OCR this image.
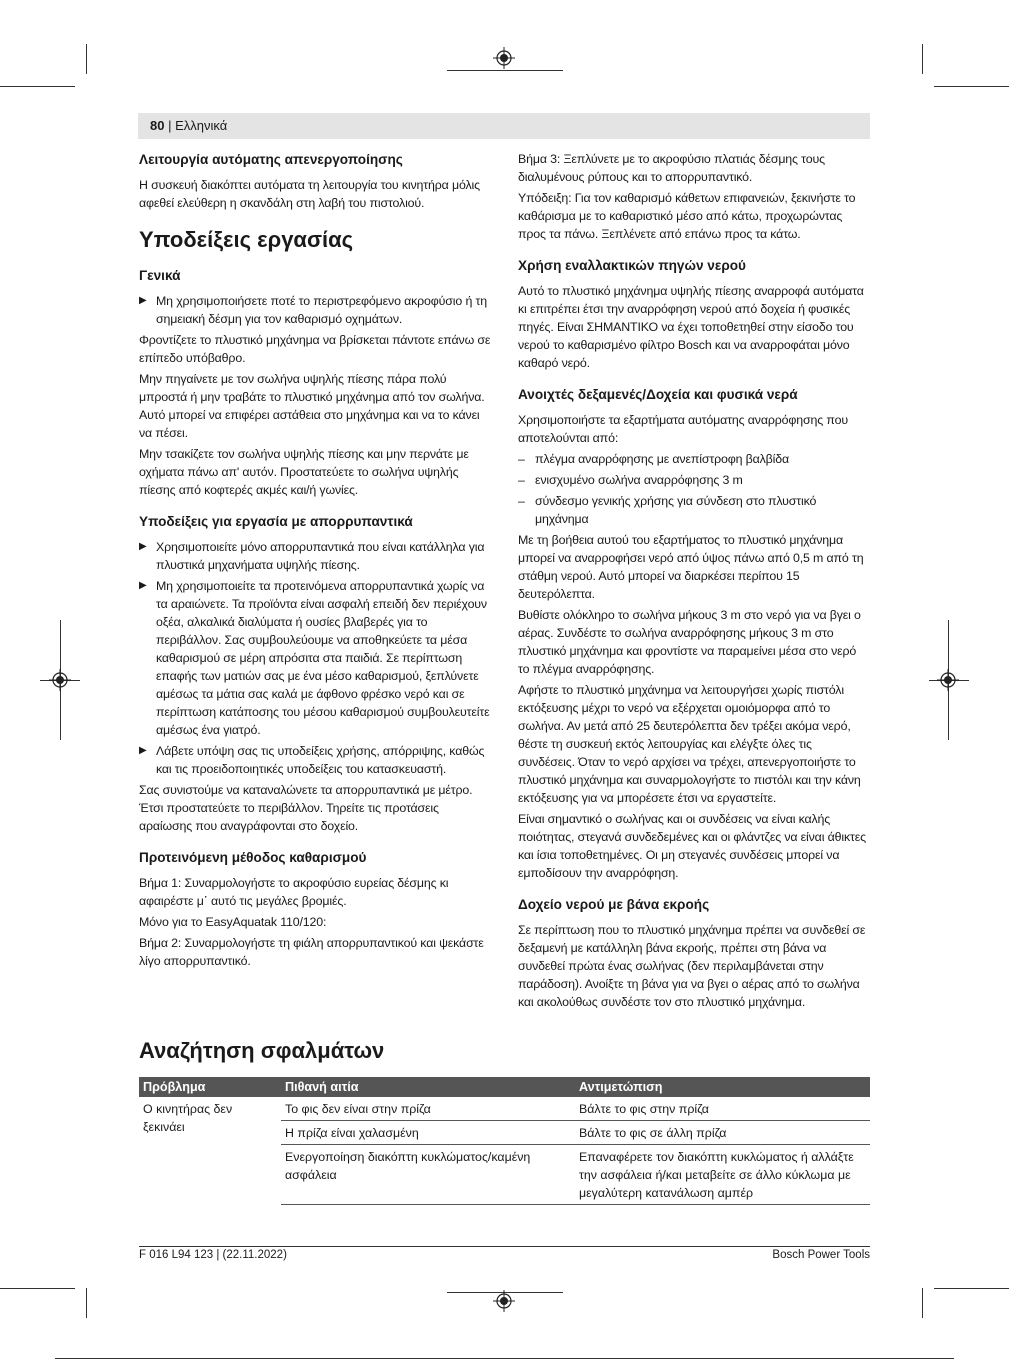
80 | Ελληνικά
Λειτουργία αυτόματης απενεργοποίησης

Η συσκευή διακόπτει αυτόματα τη λειτουργία του κινητήρα μόλις αφεθεί ελεύθερη η σκανδάλη στη λαβή του πιστολιού.

Υποδείξεις εργασίας
Γενικά
▶ Μη χρησιμοποιήσετε ποτέ το περιστρεφόμενο ακροφύσιο ή τη σημειακή δέσμη για τον καθαρισμό οχημάτων.

Φροντίζετε το πλυστικό μηχάνημα να βρίσκεται πάντοτε επάνω σε επίπεδο υπόβαθρο.

Μην πηγαίνετε με τον σωλήνα υψηλής πίεσης πάρα πολύ μπροστά ή μην τραβάτε το πλυστικό μηχάνημα από τον σωλήνα. Αυτό μπορεί να επιφέρει αστάθεια στο μηχάνημα και να το κάνει να πέσει.

Μην τσακίζετε τον σωλήνα υψηλής πίεσης και μην περνάτε με οχήματα πάνω απ' αυτόν. Προστατεύετε το σωλήνα υψηλής πίεσης από κοφτερές ακμές και/ή γωνίες.

Υποδείξεις για εργασία με απορρυπαντικά
▶ Χρησιμοποιείτε μόνο απορρυπαντικά που είναι κατάλληλα για πλυστικά μηχανήματα υψηλής πίεσης.
▶ Μη χρησιμοποιείτε τα προτεινόμενα απορρυπαντικά χωρίς να τα αραιώνετε. Τα προϊόντα είναι ασφαλή επειδή δεν περιέχουν οξέα, αλκαλικά διαλύματα ή ουσίες βλαβερές για το περιβάλλον. Σας συμβουλεύουμε να αποθηκεύετε τα μέσα καθαρισμού σε μέρη απρόσιτα στα παιδιά. Σε περίπτωση επαφής των ματιών σας με ένα μέσο καθαρισμού, ξεπλύνετε αμέσως τα μάτια σας καλά με άφθονο φρέσκο νερό και σε περίπτωση κατάποσης του μέσου καθαρισμού συμβουλευτείτε αμέσως ένα γιατρό.
▶ Λάβετε υπόψη σας τις υποδείξεις χρήσης, απόρριψης, καθώς και τις προειδοποιητικές υποδείξεις του κατασκευαστή.

Σας συνιστούμε να καταναλώνετε τα απορρυπαντικά με μέτρο. Έτσι προστατεύετε το περιβάλλον. Τηρείτε τις προτάσεις αραίωσης που αναγράφονται στο δοχείο.

Προτεινόμενη μέθοδος καθαρισμού

Βήμα 1: Συναρμολογήστε το ακροφύσιο ευρείας δέσμης κι αφαιρέστε μ᾽ αυτό τις μεγάλες βρομιές.

Μόνο για το EasyAquatak 110/120:

Βήμα 2: Συναρμολογήστε τη φιάλη απορρυπαντικού και ψεκάστε λίγο απορρυπαντικό.

Βήμα 3: Ξεπλύνετε με το ακροφύσιο πλατιάς δέσμης τους διαλυμένους ρύπους και το απορρυπαντικό.

Υπόδειξη: Για τον καθαρισμό κάθετων επιφανειών, ξεκινήστε το καθάρισμα με το καθαριστικό μέσο από κάτω, προχωρώντας προς τα πάνω. Ξεπλένετε από επάνω προς τα κάτω.

Χρήση εναλλακτικών πηγών νερού

Αυτό το πλυστικό μηχάνημα υψηλής πίεσης αναρροφά αυτόματα κι επιτρέπει έτσι την αναρρόφηση νερού από δοχεία ή φυσικές πηγές. Είναι ΣΗΜΑΝΤΙΚΟ να έχει τοποθετηθεί στην είσοδο του νερού το καθαρισμένο φίλτρο Bosch και να αναρροφάται μόνο καθαρό νερό.

Ανοιχτές δεξαμενές/Δοχεία και φυσικά νερά

Χρησιμοποιήστε τα εξαρτήματα αυτόματης αναρρόφησης που αποτελούνται από:

– πλέγμα αναρρόφησης με ανεπίστροφη βαλβίδα
– ενισχυμένο σωλήνα αναρρόφησης 3 m
– σύνδεσμο γενικής χρήσης για σύνδεση στο πλυστικό μηχάνημα

Με τη βοήθεια αυτού του εξαρτήματος το πλυστικό μηχάνημα μπορεί να αναρροφήσει νερό από ύψος πάνω από 0,5 m από τη στάθμη νερού. Αυτό μπορεί να διαρκέσει περίπου 15 δευτερόλεπτα.

Βυθίστε ολόκληρο το σωλήνα μήκους 3 m στο νερό για να βγει ο αέρας. Συνδέστε το σωλήνα αναρρόφησης μήκους 3 m στο πλυστικό μηχάνημα και φροντίστε να παραμείνει μέσα στο νερό το πλέγμα αναρρόφησης.

Αφήστε το πλυστικό μηχάνημα να λειτουργήσει χωρίς πιστόλι εκτόξευσης μέχρι το νερό να εξέρχεται ομοιόμορφα από το σωλήνα. Αν μετά από 25 δευτερόλεπτα δεν τρέξει ακόμα νερό, θέστε τη συσκευή εκτός λειτουργίας και ελέγξτε όλες τις συνδέσεις. Όταν το νερό αρχίσει να τρέχει, απενεργοποιήστε το πλυστικό μηχάνημα και συναρμολογήστε το πιστόλι και την κάνη εκτόξευσης για να μπορέσετε έτσι να εργαστείτε.

Είναι σημαντικό ο σωλήνας και οι συνδέσεις να είναι καλής ποιότητας, στεγανά συνδεδεμένες και οι φλάντζες να είναι άθικτες και ίσια τοποθετημένες. Οι μη στεγανές συνδέσεις μπορεί να εμποδίσουν την αναρρόφηση.

Δοχείο νερού με βάνα εκροής

Σε περίπτωση που το πλυστικό μηχάνημα πρέπει να συνδεθεί σε δεξαμενή με κατάλληλη βάνα εκροής, πρέπει στη βάνα να συνδεθεί πρώτα ένας σωλήνας (δεν περιλαμβάνεται στην παράδοση). Ανοίξτε τη βάνα για να βγει ο αέρας από το σωλήνα και ακολούθως συνδέστε τον στο πλυστικό μηχάνημα.

Αναζήτηση σφαλμάτων
Πρόβλημα	Πιθανή αιτία	Αντιμετώπιση
Ο κινητήρας δεν ξεκινάει	Το φις δεν είναι στην πρίζα	Βάλτε το φις στην πρίζα
	Η πρίζα είναι χαλασμένη	Βάλτε το φις σε άλλη πρίζα
	Ενεργοποίηση διακόπτη κυκλώματος/καμένη ασφάλεια	Επαναφέρετε τον διακόπτη κυκλώματος ή αλλάξτε την ασφάλεια ή/και μεταβείτε σε άλλο κύκλωμα με μεγαλύτερη κατανάλωση αμπέρ
F 016 L94 123 | (22.11.2022)	Bosch Power Tools
